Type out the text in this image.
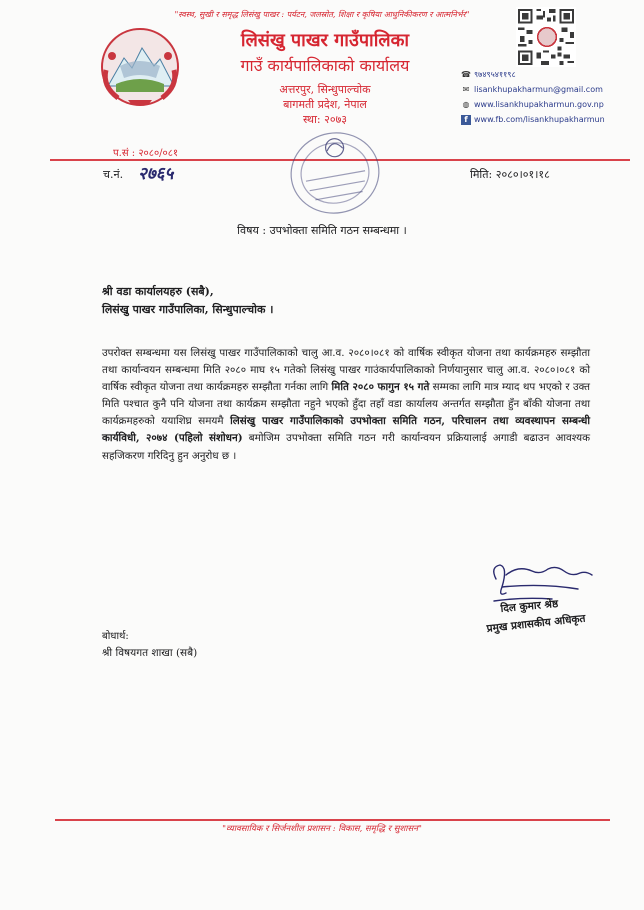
"स्वस्थ, सुखी र समृद्ध लिसंखु पाखर : पर्यटन, जलस्रोत, शिक्षा र कृषिया आधुनिकीकरण र आत्मनिर्भर"
लिसंखु पाखर गाउँपालिका
गाउँ कार्यपालिकाको कार्यालय
अत्तरपुर, सिन्धुपाल्चोक
बागमती प्रदेश, नेपाल
स्था: २०७३
☎ ९७४९५४११९८
✉ lisankhupakharmun@gmail.com
◍ www.lisankhupakharmun.gov.np
f www.fb.com/lisankhupakharmun
प.सं : २०८०/०८१
च.नं. २७६५	मिति: २०८०।०१।१८
विषय : उपभोक्ता समिति गठन सम्बन्धमा ।
श्री वडा कार्यालयहरु (सबै),
लिसंखु पाखर गाउँपालिका, सिन्धुपाल्चोक ।
उपरोक्त सम्बन्धमा यस लिसंखु पाखर गाउँपालिकाको चालु आ.व. २०८०।०८१ को वार्षिक स्वीकृत योजना तथा कार्यक्रमहरु सम्झौता तथा कार्यान्वयन सम्बन्धमा मिति २०८० माघ १५ गतेको लिसंखु पाखर गाउंकार्यपालिकाको निर्णयानुसार चालु आ.व. २०८०।०८१ को वार्षिक स्वीकृत योजना तथा कार्यक्रमहरु सम्झौता गर्नका लागि मिति २०८० फागुन १५ गते सम्मका लागि मात्र म्याद थप भएको र उक्त मिति पश्चात कुनै पनि योजना तथा कार्यक्रम सम्झौता नहुने भएको हुँदा तहाँ वडा कार्यालय अन्तर्गत सम्झौता हुँन बाँकी योजना तथा कार्यक्रमहरुको ययाशिघ्र समयमै लिसंखु पाखर गाउँपालिकाको उपभोक्ता समिति गठन, परिचालन तथा व्यवस्थापन सम्बन्धी कार्यविधी, २०७४ (पहिलो संशोधन) बमोजिम उपभोक्ता समिति गठन गरी कार्यान्वयन प्रक्रियालाई अगाडी बढाउन आवश्यक सहजिकरण गरिदिनु हुन अनुरोध छ ।
दिल कुमार श्रेष्ठ
प्रमुख प्रशासकीय अधिकृत
बोधार्थ:
श्री विषयगत शाखा (सबै)
"व्यावसायिक र सिर्जनशील प्रशासन : विकास, समृद्धि र सुशासन"
